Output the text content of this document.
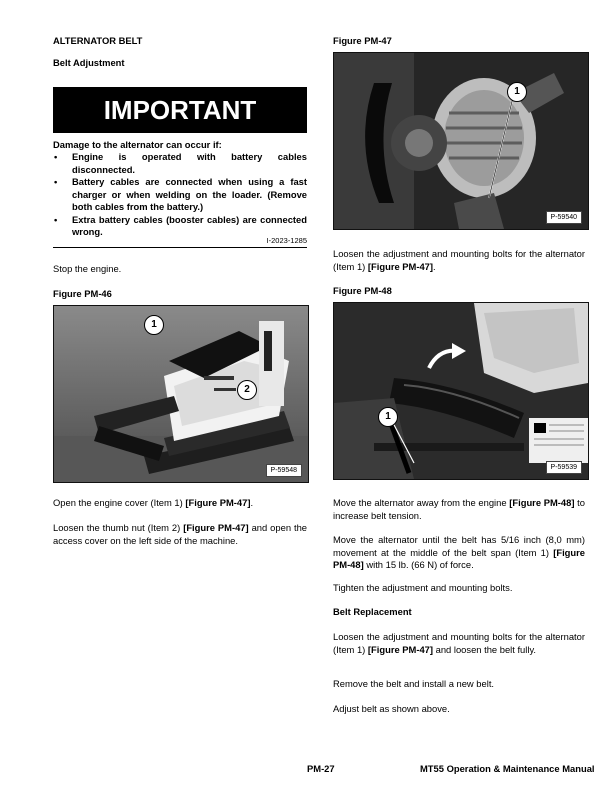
ALTERNATOR BELT
Belt Adjustment
IMPORTANT
Damage to the alternator can occur if:
• Engine is operated with battery cables disconnected.
• Battery cables are connected when using a fast charger or when welding on the loader. (Remove both cables from the battery.)
• Extra battery cables (booster cables) are connected wrong.
I-2023-1285
Stop the engine.
Figure PM-46
1
2
P-59548
Open the engine cover (Item 1) [Figure PM-47].
Loosen the thumb nut (Item 2) [Figure PM-47] and open the access cover on the left side of the machine.
Figure PM-47
1
P-59540
Loosen the adjustment and mounting bolts for the alternator (Item 1) [Figure PM-47].
Figure PM-48
1
P-59539
Move the alternator away from the engine [Figure PM-48] to increase belt tension.
Move the alternator until the belt has 5/16 inch (8,0 mm) movement at the middle of the belt span (Item 1) [Figure PM-48] with 15 lb. (66 N) of force.
Tighten the adjustment and mounting bolts.
Belt Replacement
Loosen the adjustment and mounting bolts for the alternator (Item 1) [Figure PM-47] and loosen the belt fully.
Remove the belt and install a new belt.
Adjust belt as shown above.
PM-27	MT55 Operation & Maintenance Manual
